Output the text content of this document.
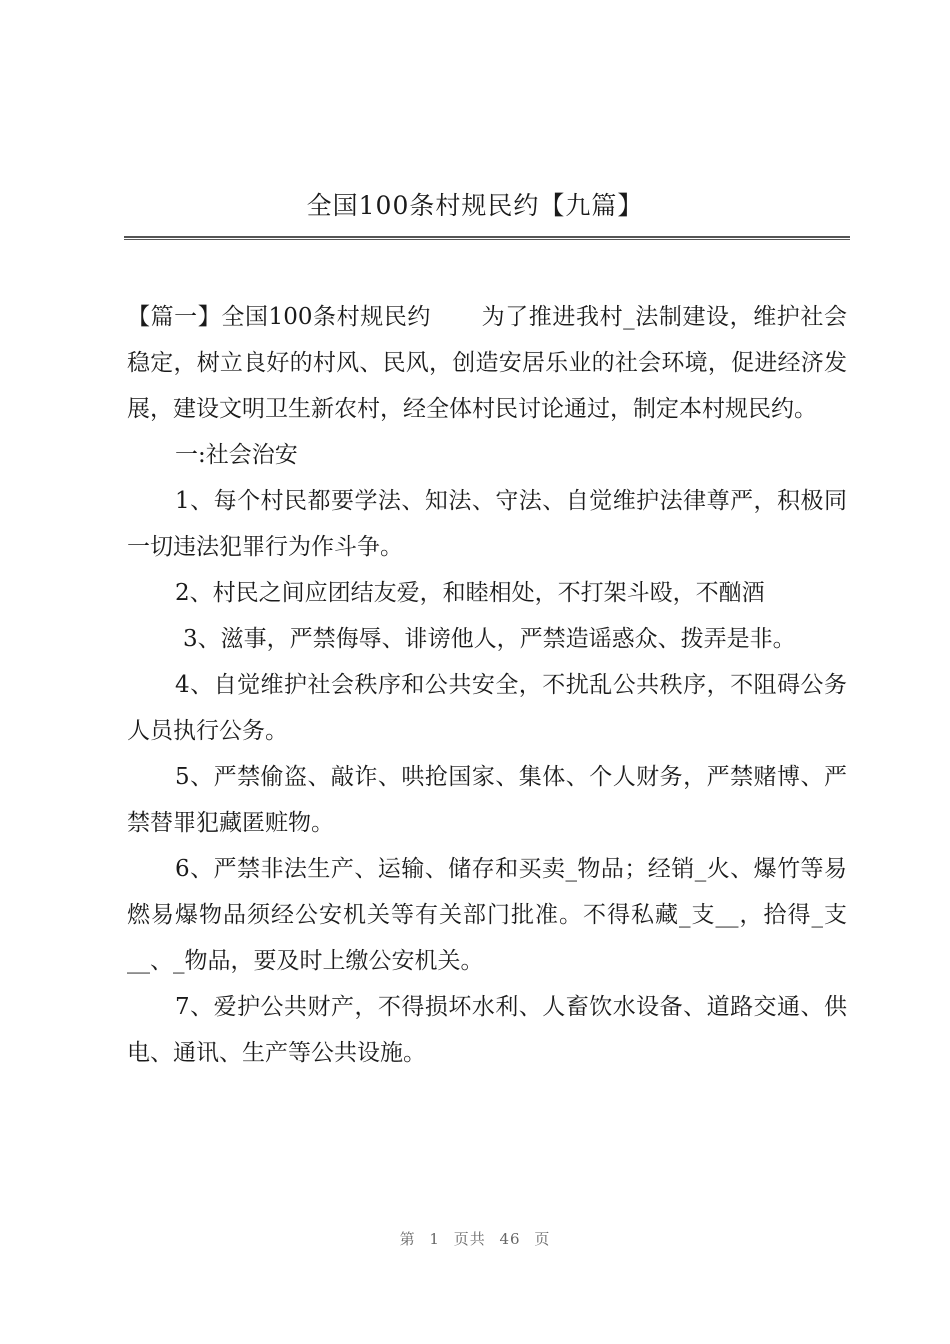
全国100条村规民约【九篇】

【篇一】全国100条村规民约 为了推进我村_法制建设，维护社会稳定，树立良好的村风、民风，创造安居乐业的社会环境，促进经济发展，建设文明卫生新农村，经全体村民讨论通过，制定本村规民约。

一:社会治安

1、每个村民都要学法、知法、守法、自觉维护法律尊严，积极同一切违法犯罪行为作斗争。

2、村民之间应团结友爱，和睦相处，不打架斗殴，不酗酒

3、滋事，严禁侮辱、诽谤他人，严禁造谣惑众、拨弄是非。

4、自觉维护社会秩序和公共安全，不扰乱公共秩序，不阻碍公务人员执行公务。

5、严禁偷盗、敲诈、哄抢国家、集体、个人财务，严禁赌博、严禁替罪犯藏匿赃物。

6、严禁非法生产、运输、储存和买卖_物品；经销_火、爆竹等易燃易爆物品须经公安机关等有关部门批准。不得私藏_支__，拾得_支__、_物品，要及时上缴公安机关。

7、爱护公共财产，不得损坏水利、人畜饮水设备、道路交通、供电、通讯、生产等公共设施。

第 1 页共 46 页
